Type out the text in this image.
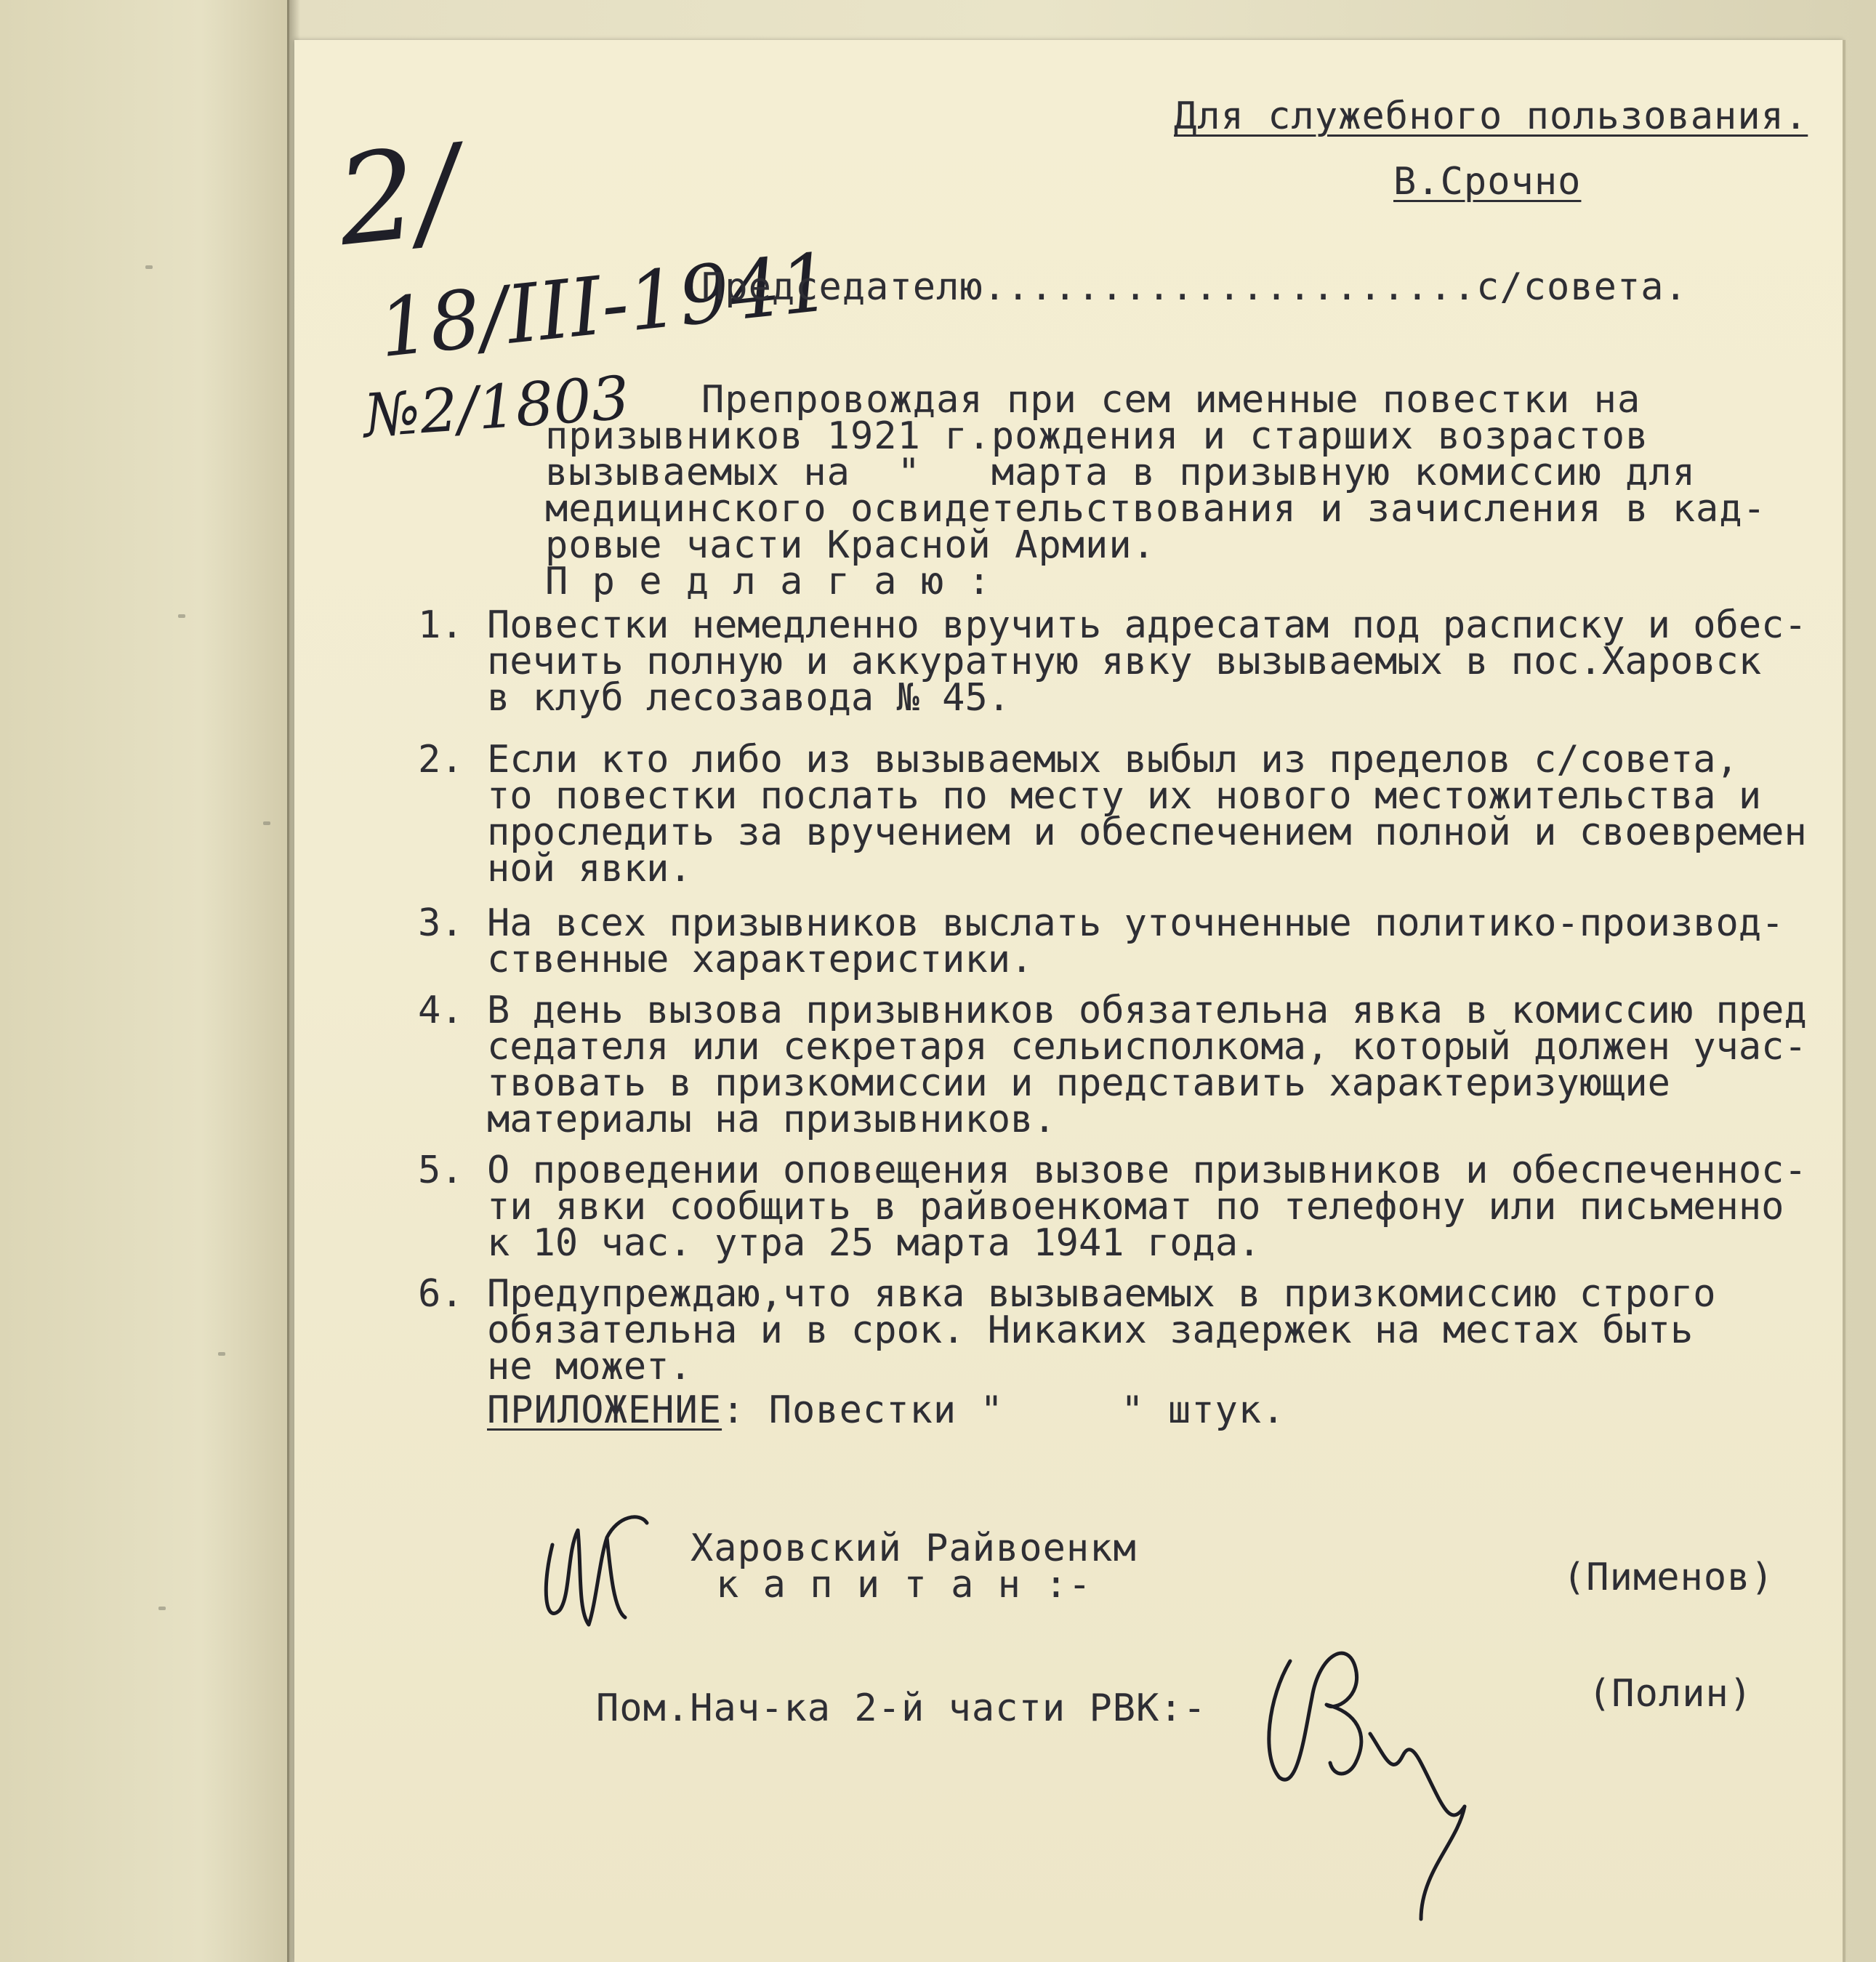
Для служебного пользования.
В.Срочно
2/
18/III-1941
№2/1803
Председателю.....................с/совета.
Препровождая при сем именные повестки на
призывников 1921 г.рождения и старших возрастов
вызываемых на  "   марта в призывную комиссию для
медицинского освидетельствования и зачисления в кад-
ровые части Красной Армии.
П р е д л а г а ю :
1. Повестки немедленно вручить адресатам под расписку и обес-
печить полную и аккуратную явку вызываемых в пос.Харовск
в клуб лесозавода № 45.
2. Если кто либо из вызываемых выбыл из пределов с/совета,
то повестки послать по месту их нового местожительства и
проследить за вручением и обеспечением полной и своевремен
ной явки.
3. На всех призывников выслать уточненные политико-производ-
ственные характеристики.
4. В день вызова призывников обязательна явка в комиссию пред
седателя или секретаря сельисполкома, который должен учас-
твовать в призкомиссии и представить характеризующие
материалы на призывников.
5. О проведении оповещения вызове призывников и обеспеченнос-
ти явки сообщить в райвоенкомат по телефону или письменно
к 10 час. утра 25 марта 1941 года.
6. Предупреждаю,что явка вызываемых в призкомиссию строго
обязательна и в срок. Никаких задержек на местах быть
не может.
ПРИЛОЖЕНИЕ: Повестки "     " штук.
Харовский Райвоенкм
к а п и т а н :-	(Пименов)
Пом.Нач-ка 2-й части РВК:-	(Полин)
